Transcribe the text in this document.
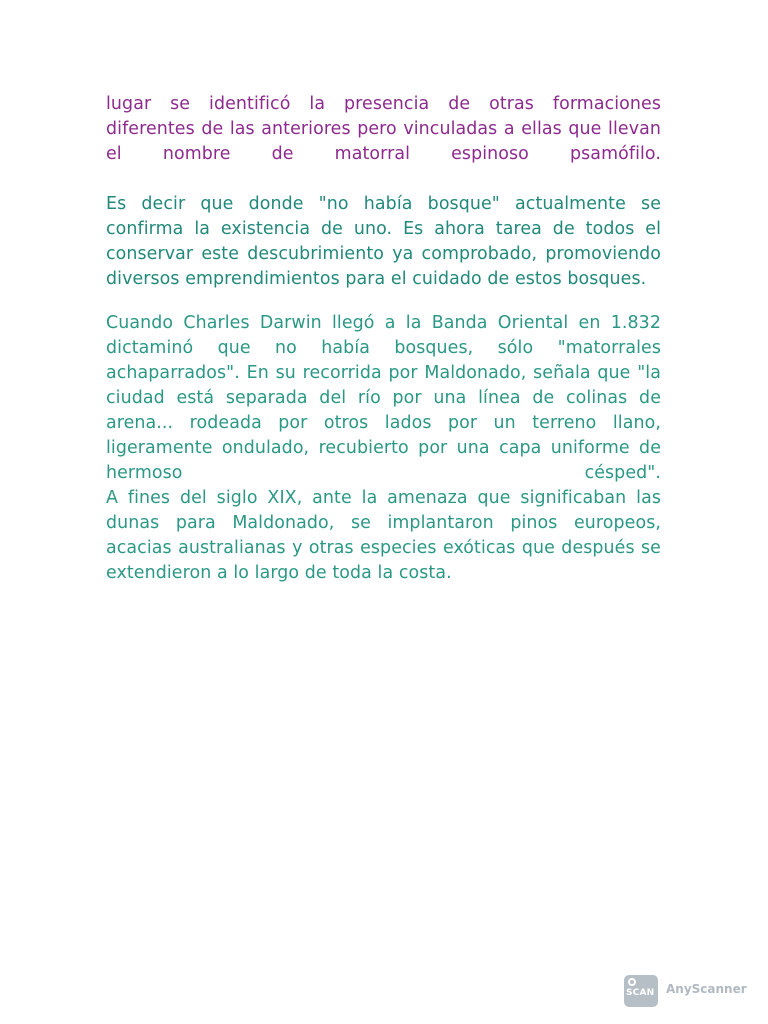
lugar se identificó la presencia de otras formaciones diferentes de las anteriores pero vinculadas a ellas que llevan el nombre de matorral espinoso psamófilo.

Es decir que donde "no había bosque" actualmente se confirma la existencia de uno. Es ahora tarea de todos el conservar este descubrimiento ya comprobado, promoviendo diversos emprendimientos para el cuidado de estos bosques.

Cuando Charles Darwin llegó a la Banda Oriental en 1.832 dictaminó que no había bosques, sólo "matorrales achaparrados". En su recorrida por Maldonado, señala que "la ciudad está separada del río por una línea de colinas de arena... rodeada por otros lados por un terreno llano, ligeramente ondulado, recubierto por una capa uniforme de hermoso césped".

A fines del siglo XIX, ante la amenaza que significaban las dunas para Maldonado, se implantaron pinos europeos, acacias australianas y otras especies exóticas que después se extendieron a lo largo de toda la costa.

SCAN AnyScanner
